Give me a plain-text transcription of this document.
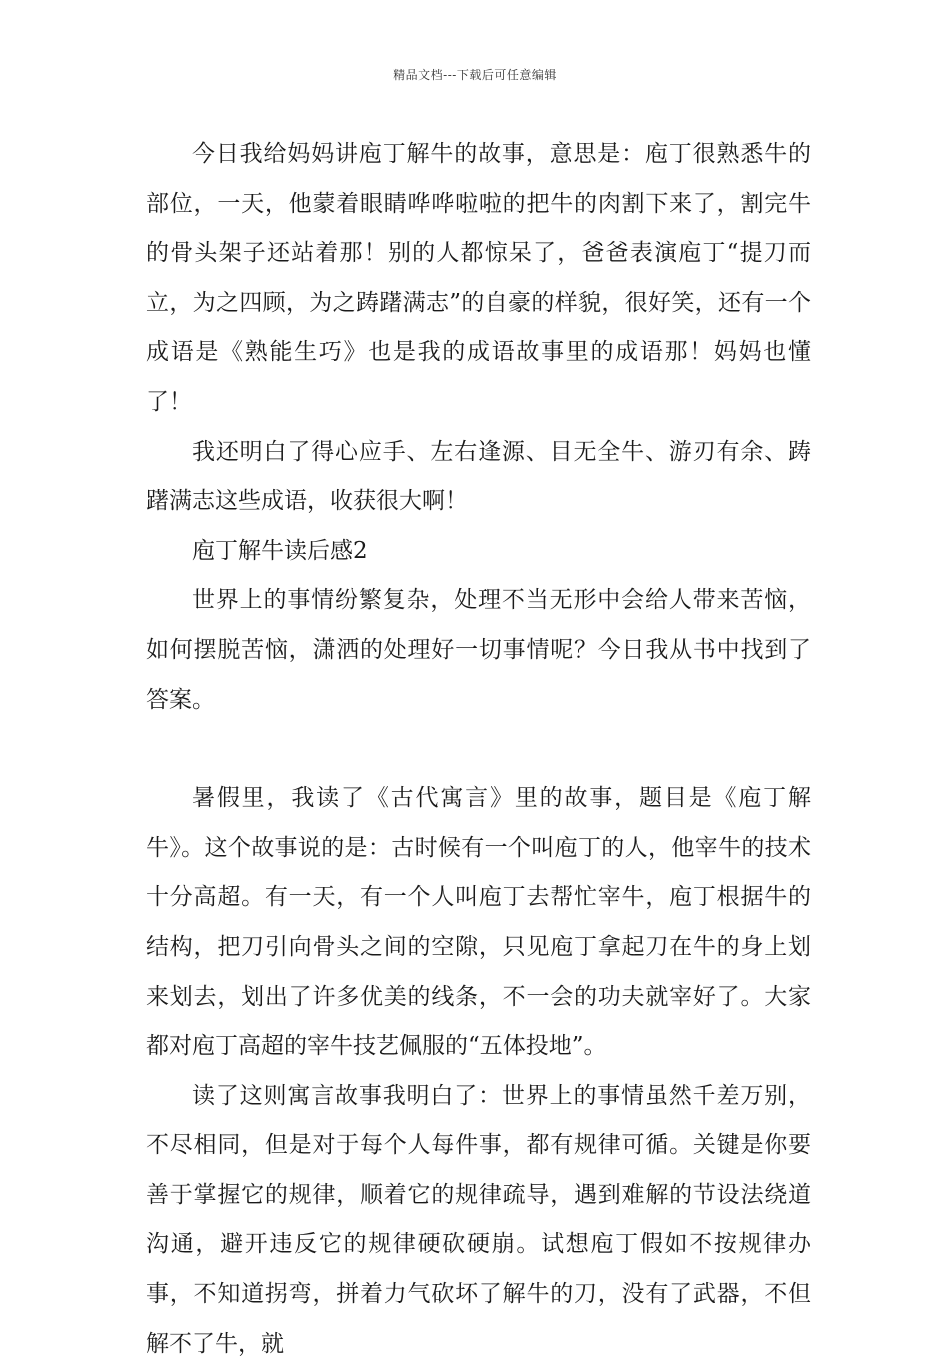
精品文档---下载后可任意编辑

今日我给妈妈讲庖丁解牛的故事，意思是：庖丁很熟悉牛的部位，一天，他蒙着眼睛哗哗啦啦的把牛的肉割下来了，割完牛的骨头架子还站着那！别的人都惊呆了，爸爸表演庖丁“提刀而立，为之四顾，为之踌躇满志”的自豪的样貌，很好笑，还有一个成语是《熟能生巧》也是我的成语故事里的成语那！妈妈也懂了！

我还明白了得心应手、左右逢源、目无全牛、游刃有余、踌躇满志这些成语，收获很大啊！

庖丁解牛读后感2

世界上的事情纷繁复杂，处理不当无形中会给人带来苦恼，如何摆脱苦恼，潇洒的处理好一切事情呢？今日我从书中找到了答案。

暑假里，我读了《古代寓言》里的故事，题目是《庖丁解牛》。这个故事说的是：古时候有一个叫庖丁的人，他宰牛的技术十分高超。有一天，有一个人叫庖丁去帮忙宰牛，庖丁根据牛的结构，把刀引向骨头之间的空隙，只见庖丁拿起刀在牛的身上划来划去，划出了许多优美的线条，不一会的功夫就宰好了。大家都对庖丁高超的宰牛技艺佩服的“五体投地”。

读了这则寓言故事我明白了：世界上的事情虽然千差万别，不尽相同，但是对于每个人每件事，都有规律可循。关键是你要善于掌握它的规律，顺着它的规律疏导，遇到难解的节设法绕道沟通，避开违反它的规律硬砍硬崩。试想庖丁假如不按规律办事，不知道拐弯，拼着力气砍坏了解牛的刀，没有了武器，不但解不了牛，就
